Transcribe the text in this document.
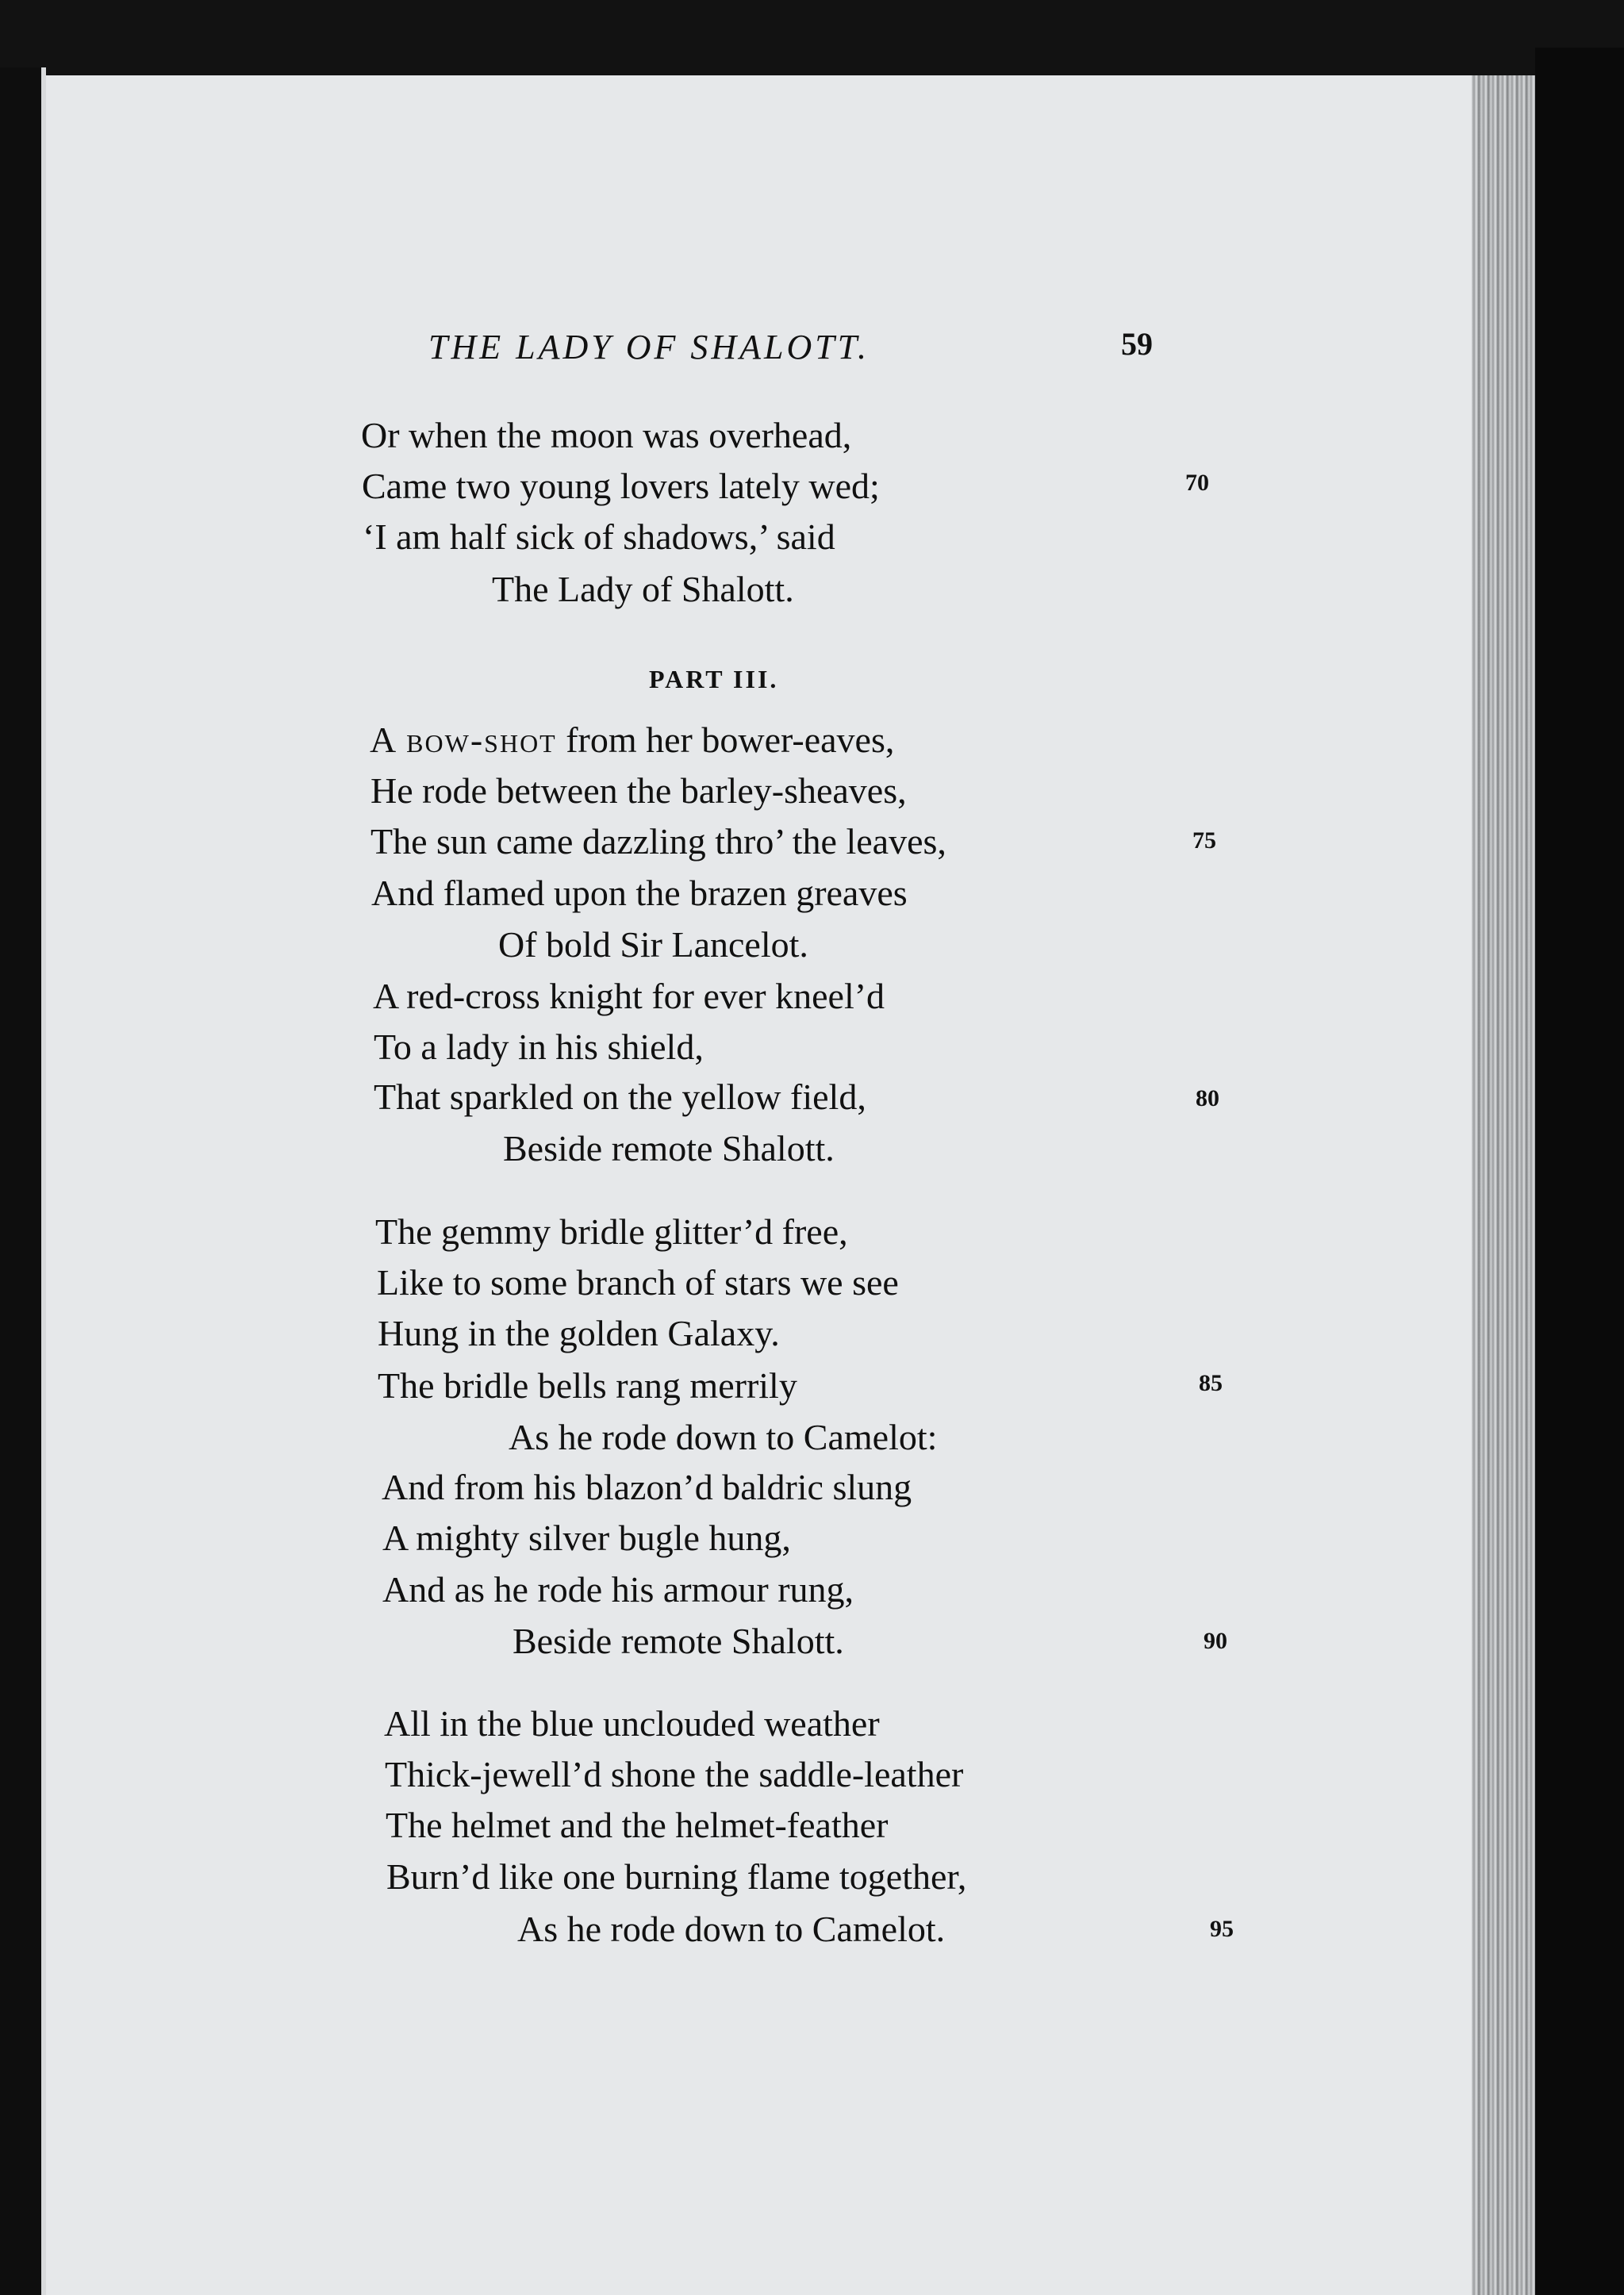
THE LADY OF SHALOTT.	59
Or when the moon was overhead,
Came two young lovers lately wed;	70
‘I am half sick of shadows,’ said
The Lady of Shalott.
PART III.
A bow-shot from her bower-eaves,
He rode between the barley-sheaves,
The sun came dazzling thro’ the leaves,	75
And flamed upon the brazen greaves
Of bold Sir Lancelot.
A red-cross knight for ever kneel’d
To a lady in his shield,
That sparkled on the yellow field,	80
Beside remote Shalott.
The gemmy bridle glitter’d free,
Like to some branch of stars we see
Hung in the golden Galaxy.
The bridle bells rang merrily	85
As he rode down to Camelot:
And from his blazon’d baldric slung
A mighty silver bugle hung,
And as he rode his armour rung,
Beside remote Shalott.	90
All in the blue unclouded weather
Thick-jewell’d shone the saddle-leather
The helmet and the helmet-feather
Burn’d like one burning flame together,
As he rode down to Camelot.	95
